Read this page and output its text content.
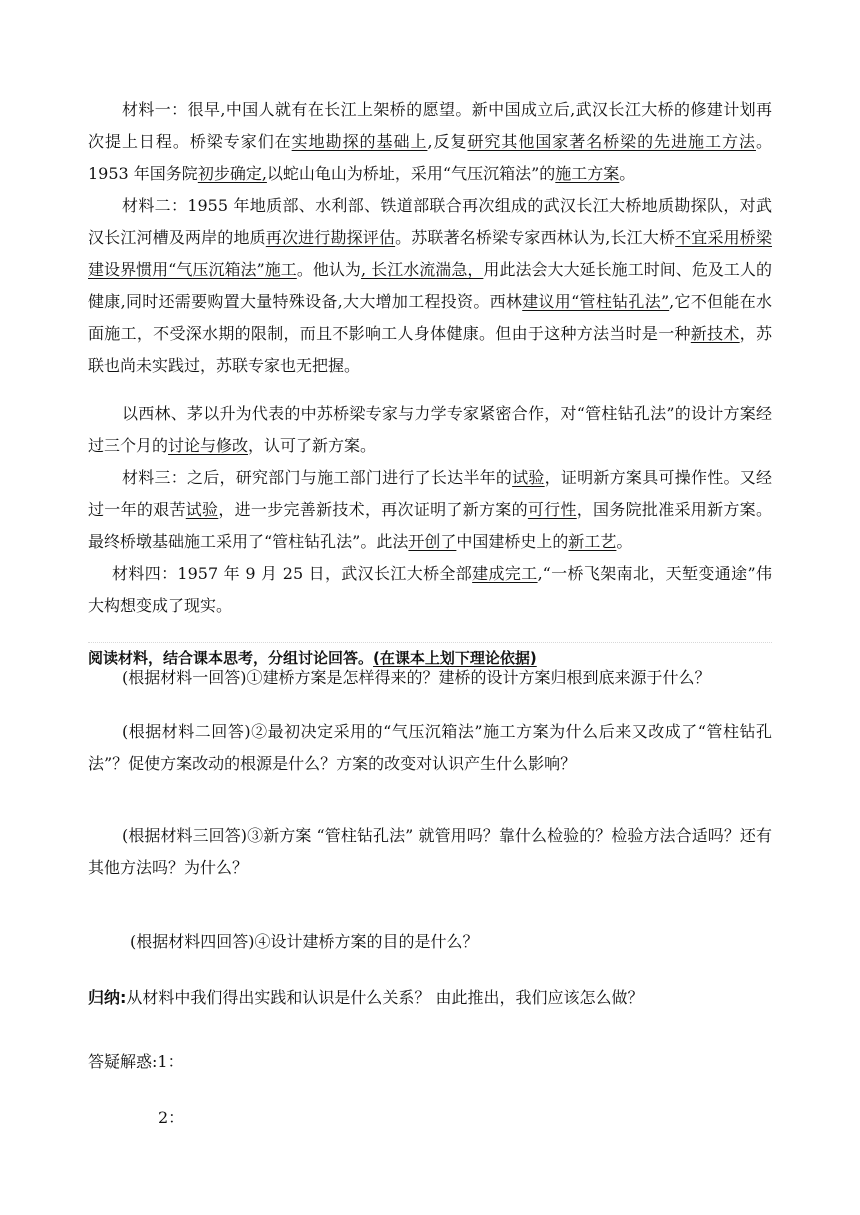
材料一：很早,中国人就有在长江上架桥的愿望。新中国成立后,武汉长江大桥的修建计划再次提上日程。桥梁专家们在实地勘探的基础上,反复研究其他国家著名桥梁的先进施工方法。1953 年国务院初步确定,以蛇山龟山为桥址，采用“气压沉箱法”的施工方案。

材料二：1955 年地质部、水利部、铁道部联合再次组成的武汉长江大桥地质勘探队，对武汉长江河槽及两岸的地质再次进行勘探评估。苏联著名桥梁专家西林认为,长江大桥不宜采用桥梁建设界惯用“气压沉箱法”施工。他认为, 长江水流湍急，用此法会大大延长施工时间、危及工人的健康,同时还需要购置大量特殊设备,大大增加工程投资。西林建议用“管柱钻孔法”,它不但能在水面施工，不受深水期的限制，而且不影响工人身体健康。但由于这种方法当时是一种新技术，苏联也尚未实践过，苏联专家也无把握。

以西林、茅以升为代表的中苏桥梁专家与力学专家紧密合作，对“管柱钻孔法”的设计方案经过三个月的讨论与修改，认可了新方案。

材料三：之后，研究部门与施工部门进行了长达半年的试验，证明新方案具可操作性。又经过一年的艰苦试验，进一步完善新技术，再次证明了新方案的可行性，国务院批准采用新方案。最终桥墩基础施工采用了“管柱钻孔法”。此法开创了中国建桥史上的新工艺。

材料四：1957 年 9 月 25 日，武汉长江大桥全部建成完工,“一桥飞架南北，天堑变通途”伟大构想变成了现实。

阅读材料，结合课本思考，分组讨论回答。(在课本上划下理论依据)

(根据材料一回答)①建桥方案是怎样得来的？建桥的设计方案归根到底来源于什么？

(根据材料二回答)②最初决定采用的“气压沉箱法”施工方案为什么后来又改成了“管柱钻孔法”？促使方案改动的根源是什么？方案的改变对认识产生什么影响？

(根据材料三回答)③新方案 “管柱钻孔法” 就管用吗？靠什么检验的？检验方法合适吗？还有其他方法吗？为什么？

(根据材料四回答)④设计建桥方案的目的是什么？

归纳:从材料中我们得出实践和认识是什么关系？ 由此推出，我们应该怎么做？

答疑解惑:1：

2：
